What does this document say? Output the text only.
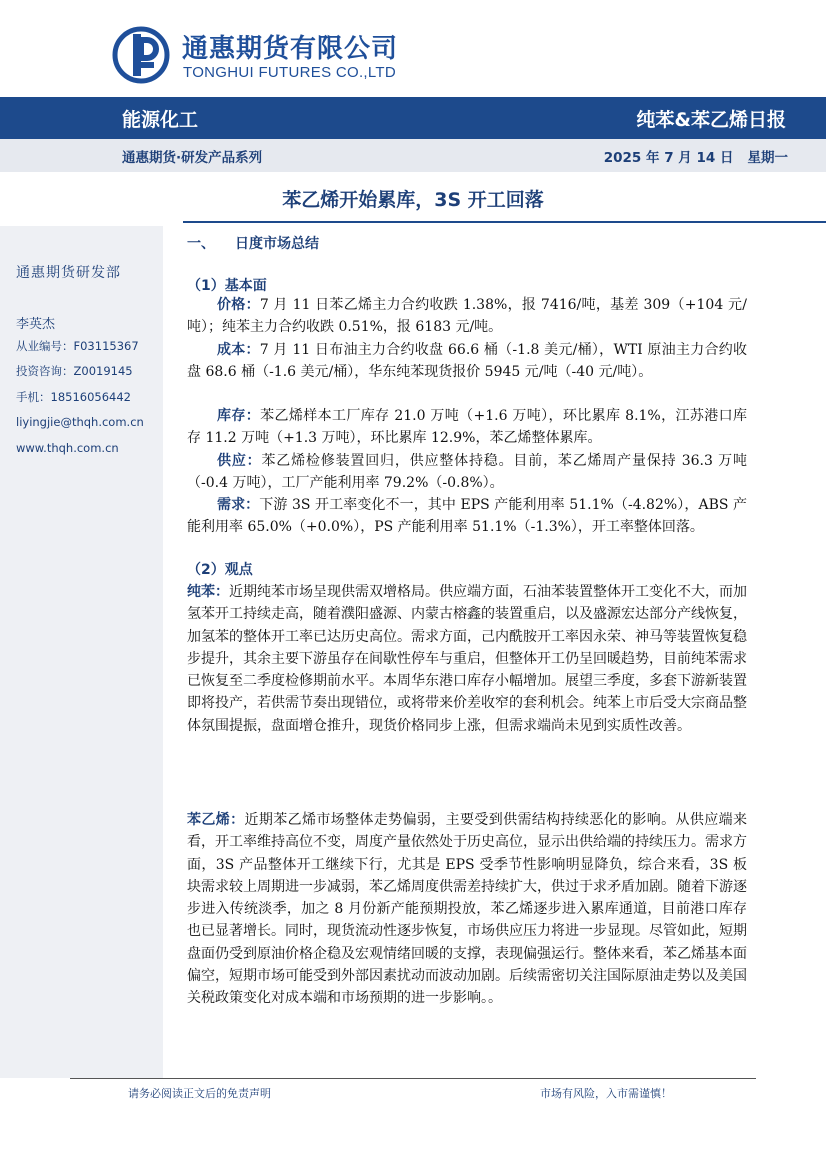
通惠期货有限公司
TONGHUI FUTURES CO.,LTD
能源化工	纯苯&苯乙烯日报
通惠期货·研发产品系列	2025 年 7 月 14 日 星期一
苯乙烯开始累库，3S 开工回落
通惠期货研发部
李英杰
从业编号：F03115367
投资咨询：Z0019145
手机：18516056442
liyingjie@thqh.com.cn
www.thqh.com.cn
一、 日度市场总结
（1）基本面
价格：7 月 11 日苯乙烯主力合约收跌 1.38%，报 7416/吨，基差 309（+104 元/吨）；纯苯主力合约收跌 0.51%，报 6183 元/吨。
成本：7 月 11 日布油主力合约收盘 66.6 桶（-1.8 美元/桶），WTI 原油主力合约收盘 68.6 桶（-1.6 美元/桶），华东纯苯现货报价 5945 元/吨（-40 元/吨）。
库存：苯乙烯样本工厂库存 21.0 万吨（+1.6 万吨），环比累库 8.1%，江苏港口库存 11.2 万吨（+1.3 万吨），环比累库 12.9%，苯乙烯整体累库。
供应：苯乙烯检修装置回归，供应整体持稳。目前，苯乙烯周产量保持 36.3 万吨（-0.4 万吨），工厂产能利用率 79.2%（-0.8%）。
需求：下游 3S 开工率变化不一，其中 EPS 产能利用率 51.1%（-4.82%），ABS 产能利用率 65.0%（+0.0%），PS 产能利用率 51.1%（-1.3%），开工率整体回落。
（2）观点
纯苯：近期纯苯市场呈现供需双增格局。供应端方面，石油苯装置整体开工变化不大，而加氢苯开工持续走高，随着濮阳盛源、内蒙古榕鑫的装置重启，以及盛源宏达部分产线恢复，加氢苯的整体开工率已达历史高位。需求方面，己内酰胺开工率因永荣、神马等装置恢复稳步提升，其余主要下游虽存在间歇性停车与重启，但整体开工仍呈回暖趋势，目前纯苯需求已恢复至二季度检修期前水平。本周华东港口库存小幅增加。展望三季度，多套下游新装置即将投产，若供需节奏出现错位，或将带来价差收窄的套利机会。纯苯上市后受大宗商品整体氛围提振，盘面增仓推升，现货价格同步上涨，但需求端尚未见到实质性改善。
苯乙烯：近期苯乙烯市场整体走势偏弱，主要受到供需结构持续恶化的影响。从供应端来看，开工率维持高位不变，周度产量依然处于历史高位，显示出供给端的持续压力。需求方面，3S 产品整体开工继续下行，尤其是 EPS 受季节性影响明显降负，综合来看，3S 板块需求较上周期进一步减弱，苯乙烯周度供需差持续扩大，供过于求矛盾加剧。随着下游逐步进入传统淡季，加之 8 月份新产能预期投放，苯乙烯逐步进入累库通道，目前港口库存也已显著增长。同时，现货流动性逐步恢复，市场供应压力将进一步显现。尽管如此，短期盘面仍受到原油价格企稳及宏观情绪回暖的支撑，表现偏强运行。整体来看，苯乙烯基本面偏空，短期市场可能受到外部因素扰动而波动加剧。后续需密切关注国际原油走势以及美国关税政策变化对成本端和市场预期的进一步影响。。
请务必阅读正文后的免责声明	市场有风险，入市需谨慎！
